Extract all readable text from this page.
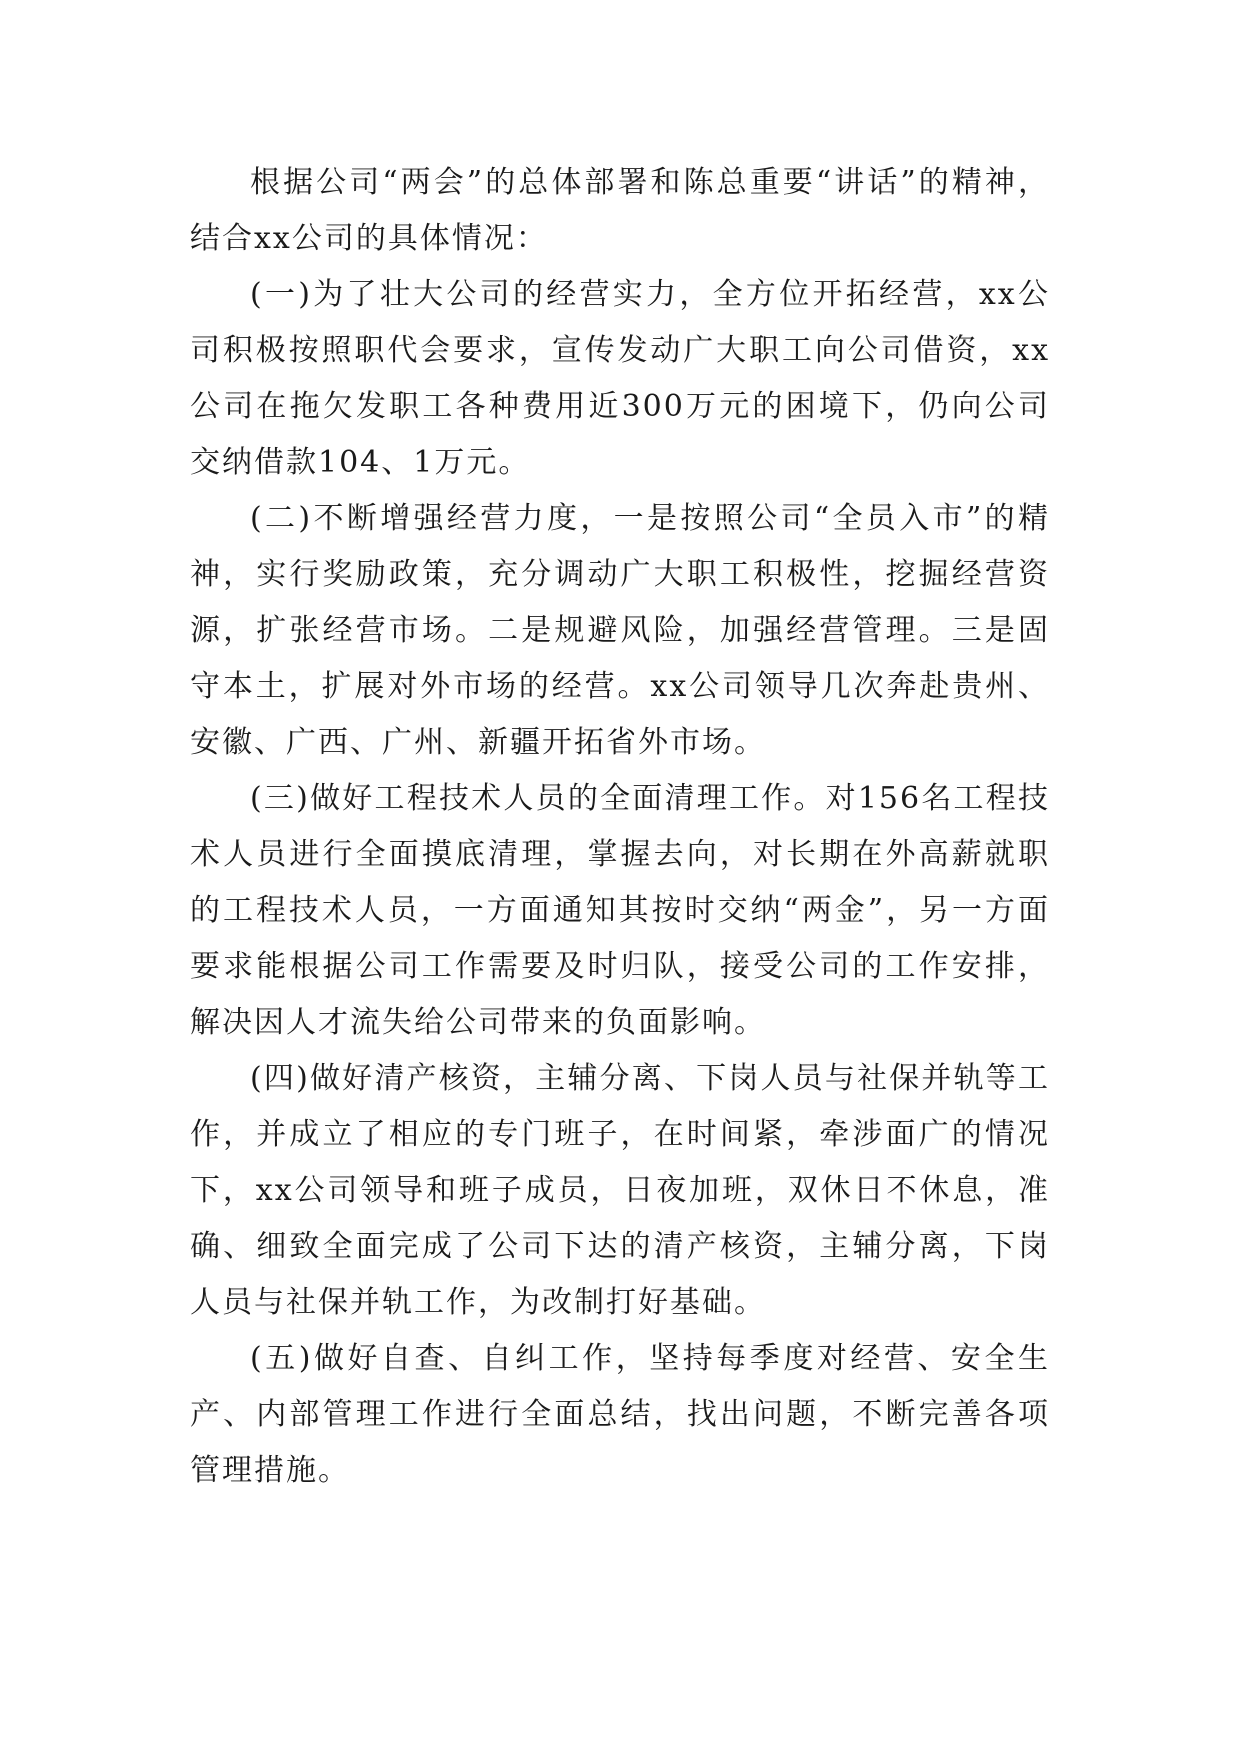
根据公司“两会”的总体部署和陈总重要“讲话”的精神，结合xx公司的具体情况：

(一)为了壮大公司的经营实力，全方位开拓经营，xx公司积极按照职代会要求，宣传发动广大职工向公司借资，xx公司在拖欠发职工各种费用近300万元的困境下，仍向公司交纳借款104、1万元。

(二)不断增强经营力度，一是按照公司“全员入市”的精神，实行奖励政策，充分调动广大职工积极性，挖掘经营资源，扩张经营市场。二是规避风险，加强经营管理。三是固守本土，扩展对外市场的经营。xx公司领导几次奔赴贵州、安徽、广西、广州、新疆开拓省外市场。

(三)做好工程技术人员的全面清理工作。对156名工程技术人员进行全面摸底清理，掌握去向，对长期在外高薪就职的工程技术人员，一方面通知其按时交纳“两金”，另一方面要求能根据公司工作需要及时归队，接受公司的工作安排，解决因人才流失给公司带来的负面影响。

(四)做好清产核资，主辅分离、下岗人员与社保并轨等工作，并成立了相应的专门班子，在时间紧，牵涉面广的情况下，xx公司领导和班子成员，日夜加班，双休日不休息，准确、细致全面完成了公司下达的清产核资，主辅分离，下岗人员与社保并轨工作，为改制打好基础。

(五)做好自查、自纠工作，坚持每季度对经营、安全生产、内部管理工作进行全面总结，找出问题，不断完善各项管理措施。
